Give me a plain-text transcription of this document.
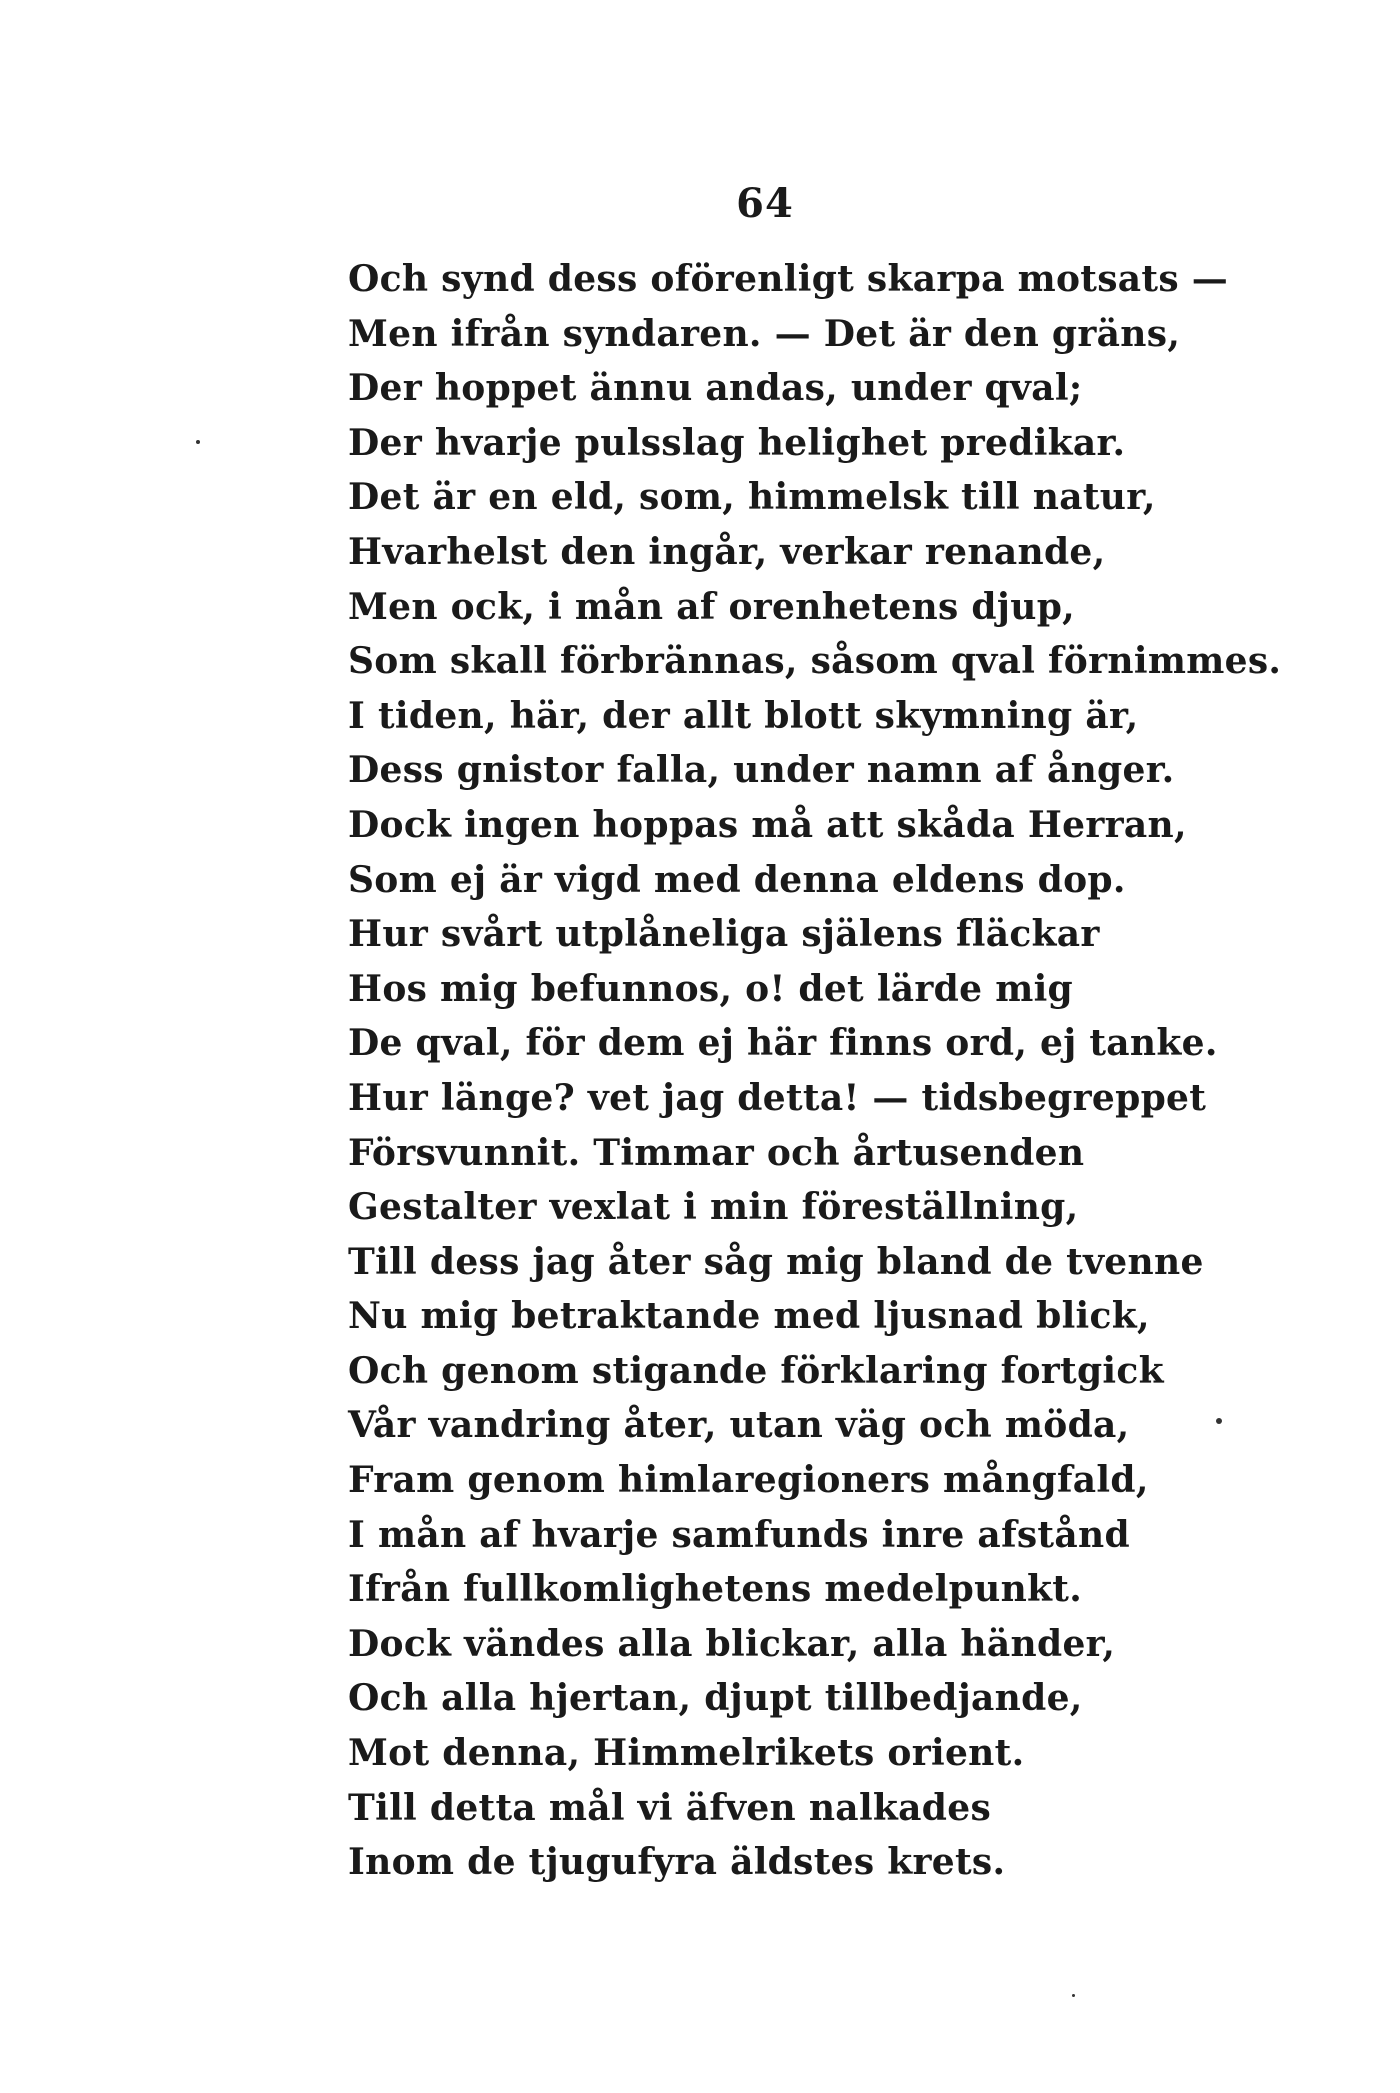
64
Och synd dess oförenligt skarpa motsats —
Men ifrån syndaren. — Det är den gräns,
Der hoppet ännu andas, under qval;
Der hvarje pulsslag helighet predikar.
Det är en eld, som, himmelsk till natur,
Hvarhelst den ingår, verkar renande,
Men ock, i mån af orenhetens djup,
Som skall förbrännas, såsom qval förnimmes.
I tiden, här, der allt blott skymning är,
Dess gnistor falla, under namn af ånger.
Dock ingen hoppas må att skåda Herran,
Som ej är vigd med denna eldens dop.
Hur svårt utplåneliga själens fläckar
Hos mig befunnos, o! det lärde mig
De qval, för dem ej här finns ord, ej tanke.
Hur länge? vet jag detta! — tidsbegreppet
Försvunnit. Timmar och årtusenden
Gestalter vexlat i min föreställning,
Till dess jag åter såg mig bland de tvenne
Nu mig betraktande med ljusnad blick,
Och genom stigande förklaring fortgick
Vår vandring åter, utan väg och möda,
Fram genom himlaregioners mångfald,
I mån af hvarje samfunds inre afstånd
Ifrån fullkomlighetens medelpunkt.
Dock vändes alla blickar, alla händer,
Och alla hjertan, djupt tillbedjande,
Mot denna, Himmelrikets orient.
Till detta mål vi äfven nalkades
Inom de tjugufyra äldstes krets.
